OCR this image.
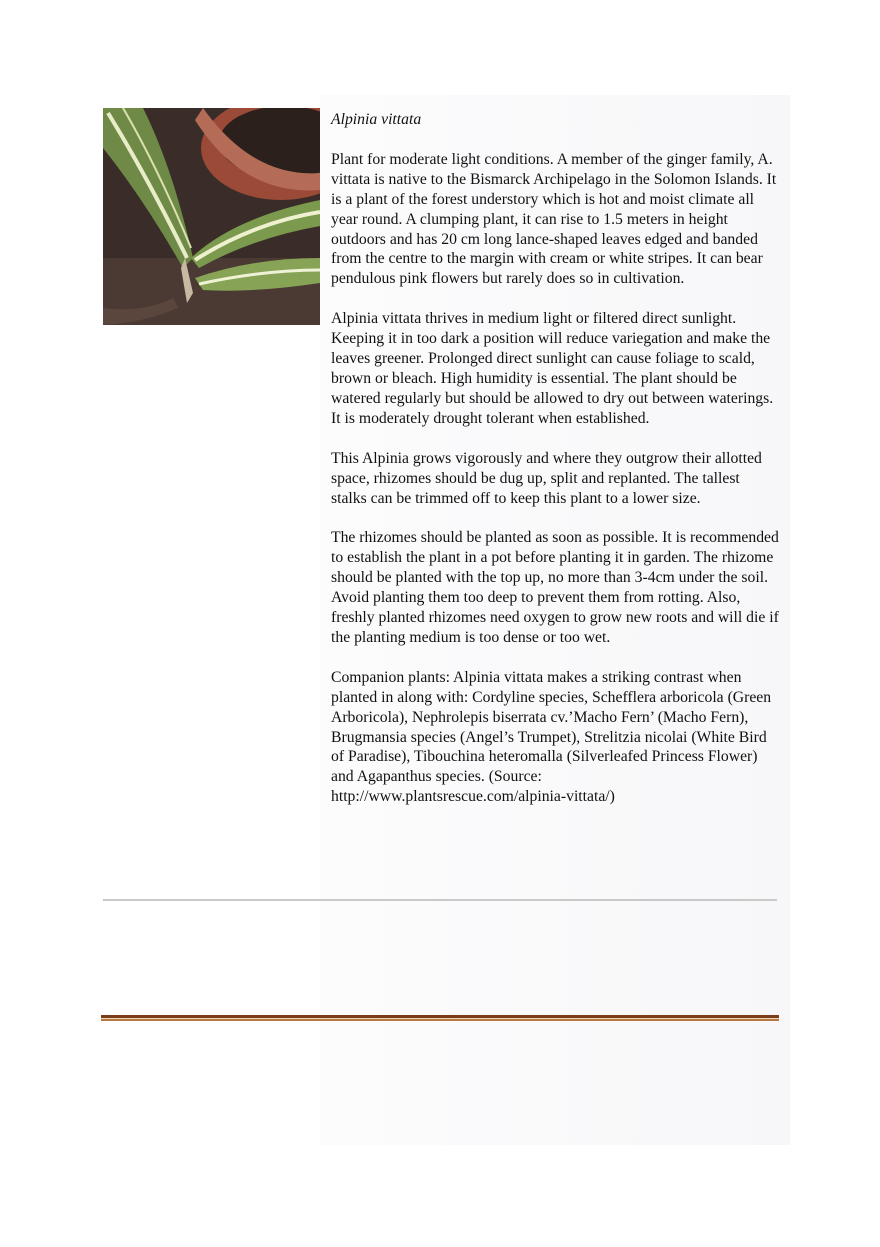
Alpinia vittata

Plant for moderate light conditions. A member of the ginger family, A. vittata is native to the Bismarck Archipelago in the Solomon Islands. It is a plant of the forest understory which is hot and moist climate all year round. A clumping plant, it can rise to 1.5 meters in height outdoors and has 20 cm long lance-shaped leaves edged and banded from the centre to the margin with cream or white stripes. It can bear pendulous pink flowers but rarely does so in cultivation.

Alpinia vittata thrives in medium light or filtered direct sunlight. Keeping it in too dark a position will reduce variegation and make the leaves greener. Prolonged direct sunlight can cause foliage to scald, brown or bleach. High humidity is essential. The plant should be watered regularly but should be allowed to dry out between waterings. It is moderately drought tolerant when established.

This Alpinia grows vigorously and where they outgrow their allotted space, rhizomes should be dug up, split and replanted. The tallest stalks can be trimmed off to keep this plant to a lower size.

The rhizomes should be planted as soon as possible. It is recommended to establish the plant in a pot before planting it in garden. The rhizome should be planted with the top up, no more than 3-4cm under the soil. Avoid planting them too deep to prevent them from rotting. Also, freshly planted rhizomes need oxygen to grow new roots and will die if the planting medium is too dense or too wet.

Companion plants: Alpinia vittata makes a striking contrast when planted in along with: Cordyline species, Schefflera arboricola (Green Arboricola), Nephrolepis biserrata cv.’Macho Fern’ (Macho Fern), Brugmansia species (Angel’s Trumpet), Strelitzia nicolai (White Bird of Paradise), Tibouchina heteromalla (Silverleafed Princess Flower) and Agapanthus species. (Source: http://www.plantsrescue.com/alpinia-vittata/)
